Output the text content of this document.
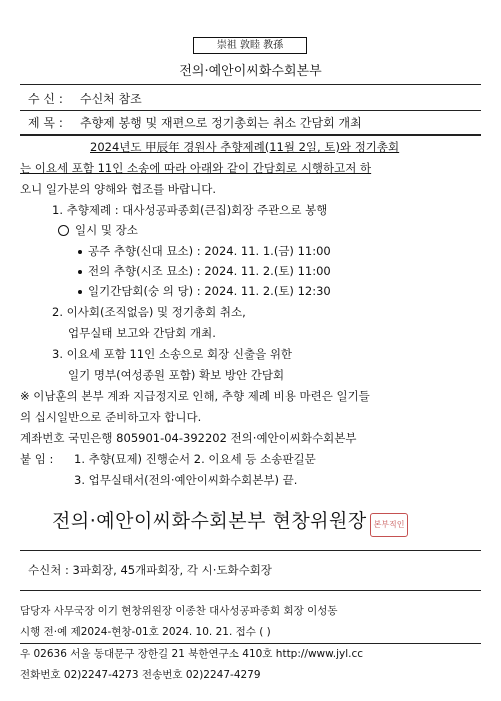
崇祖 敦睦 教孫
전의·예안이씨화수회본부
수 신 : 수신처 참조
제 목 : 추향제 봉행 및 재편으로 정기총회는 취소 간담회 개최
2024년도 甲辰年 경원사 추향제례(11월 2일, 토)와 정기총회
는 이요세 포함 11인 소송에 따라 아래와 같이 간담회로 시행하고저 하
오니 일가분의 양해와 협조를 바랍니다.
1. 추향제례 : 대사성공파종회(큰집)회장 주관으로 봉행
일시 및 장소
공주 추향(신대 묘소) : 2024. 11. 1.(금) 11:00
전의 추향(시조 묘소) : 2024. 11. 2.(토) 11:00
일기간담회(숭 의 당) : 2024. 11. 2.(토) 12:30
2. 이사회(조직없음) 및 정기총회 취소,
업무실태 보고와 간담회 개최.
3. 이요세 포함 11인 소송으로 회장 신출을 위한
일기 명부(여성종원 포함) 확보 방안 간담회
※ 이남훈의 본부 계좌 지급정지로 인해, 추향 제례 비용 마련은 일기들
의 십시일반으로 준비하고자 합니다.
계좌번호 국민은행 805901-04-392202 전의·예안이씨화수회본부
붙 임 : 1. 추향(묘제) 진행순서 2. 이요세 등 소송판길문
3. 업무실태서(전의·예안이씨화수회본부) 끝.
전의·예안이씨화수회본부 현창위원장 본부직인
수신처 : 3파회장, 45개파회장, 각 시·도화수회장
담당자 사무국장 이기 현창위원장 이종찬 대사성공파종회 회장 이성동
시행 전·예 제2024-현창-01호 2024. 10. 21. 접수 ( )
우 02636 서울 동대문구 장한길 21 북한연구소 410호 http://www.jyl.cc
전화번호 02)2247-4273 전송번호 02)2247-4279
